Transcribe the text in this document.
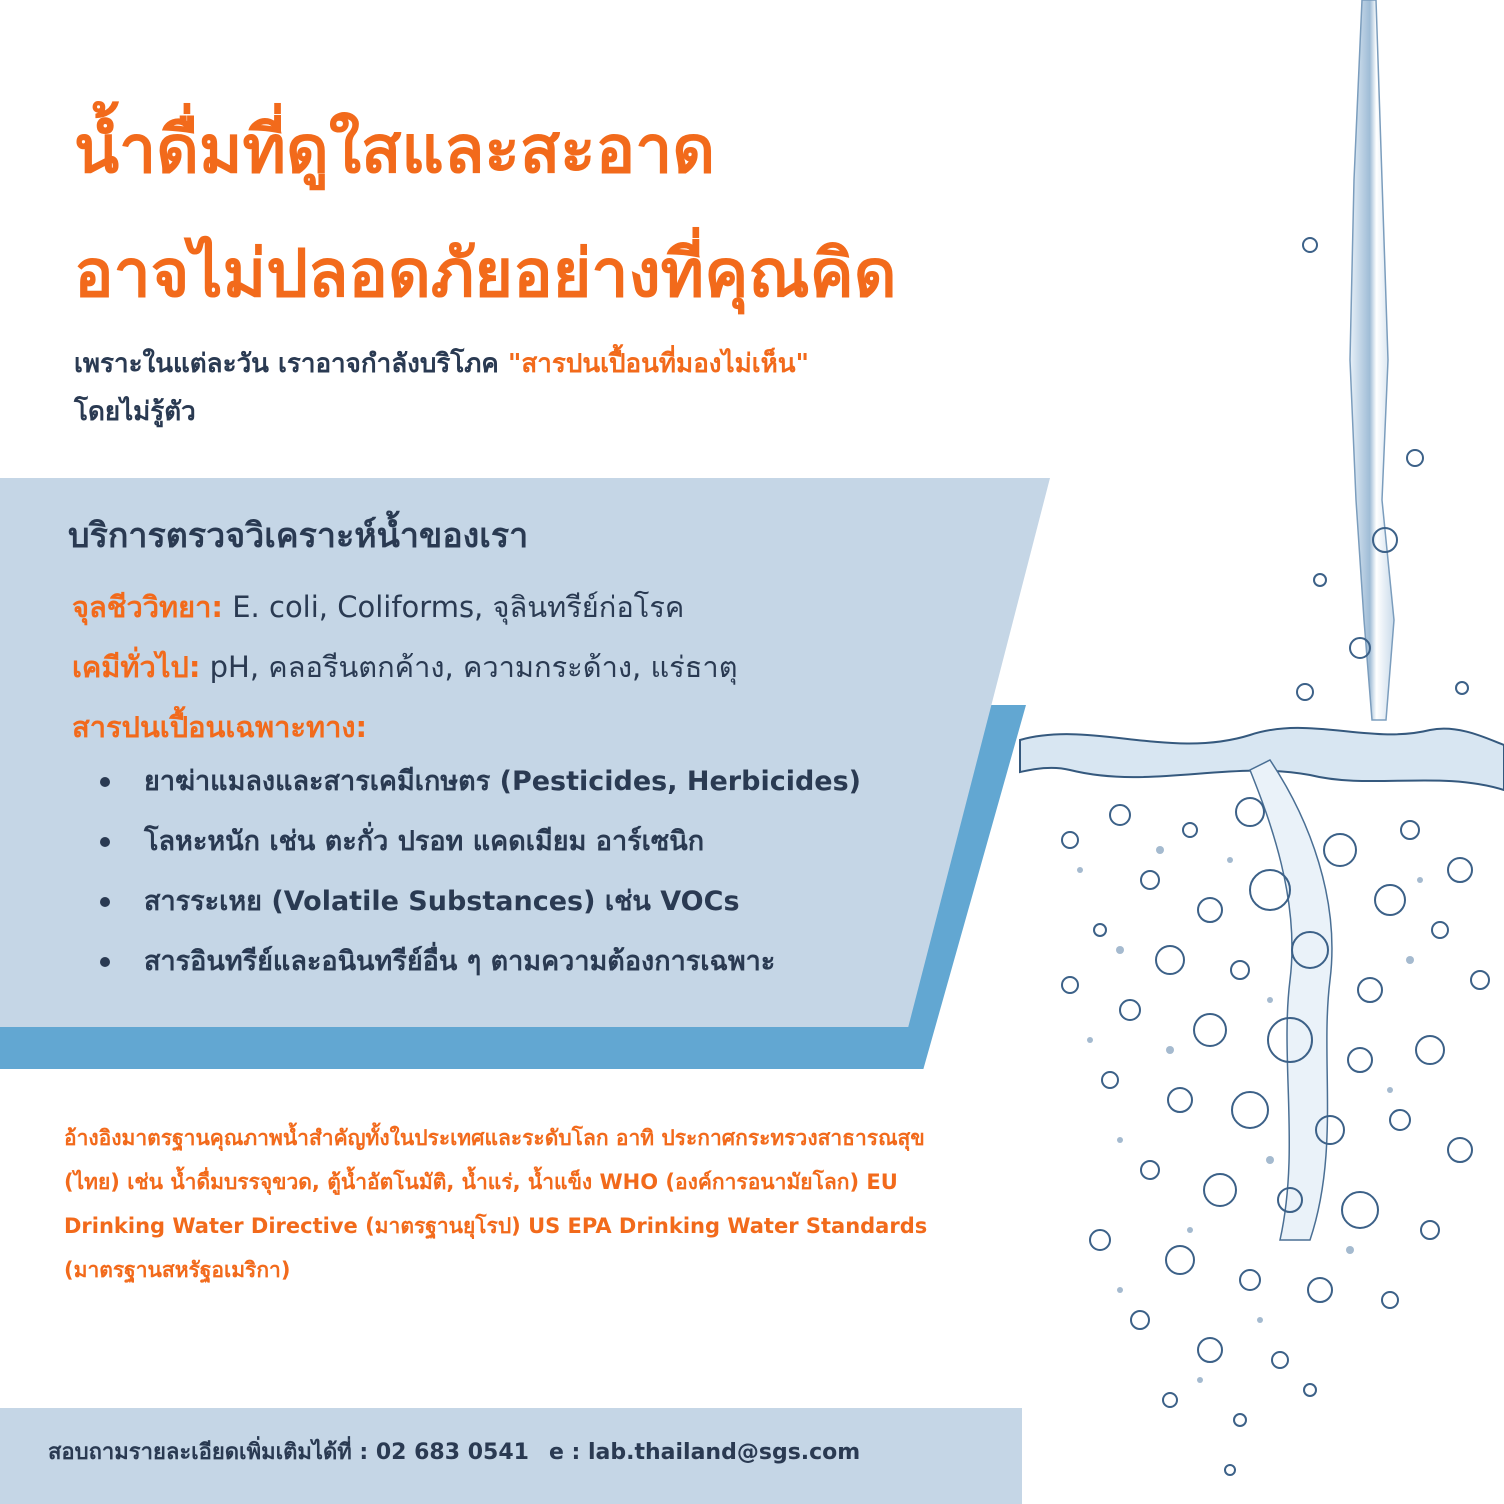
น้ำดื่มที่ดูใสและสะอาด
อาจไม่ปลอดภัยอย่างที่คุณคิด
เพราะในแต่ละวัน เราอาจกำลังบริโภค "สารปนเปื้อนที่มองไม่เห็น"
โดยไม่รู้ตัว
บริการตรวจวิเคราะห์น้ำของเรา
จุลชีววิทยา: E. coli, Coliforms, จุลินทรีย์ก่อโรค
เคมีทั่วไป: pH, คลอรีนตกค้าง, ความกระด้าง, แร่ธาตุ
สารปนเปื้อนเฉพาะทาง:
ยาฆ่าแมลงและสารเคมีเกษตร (Pesticides, Herbicides)
โลหะหนัก เช่น ตะกั่ว ปรอท แคดเมียม อาร์เซนิก
สารระเหย (Volatile Substances) เช่น VOCs
สารอินทรีย์และอนินทรีย์อื่น ๆ ตามความต้องการเฉพาะ
อ้างอิงมาตรฐานคุณภาพน้ำสำคัญทั้งในประเทศและระดับโลก อาทิ ประกาศกระทรวงสาธารณสุข (ไทย) เช่น น้ำดื่มบรรจุขวด, ตู้น้ำอัตโนมัติ, น้ำแร่, น้ำแข็ง WHO (องค์การอนามัยโลก) EU Drinking Water Directive (มาตรฐานยุโรป) US EPA Drinking Water Standards (มาตรฐานสหรัฐอเมริกา)
สอบถามรายละเอียดเพิ่มเติมได้ที่ : 02 683 0541 e : lab.thailand@sgs.com
